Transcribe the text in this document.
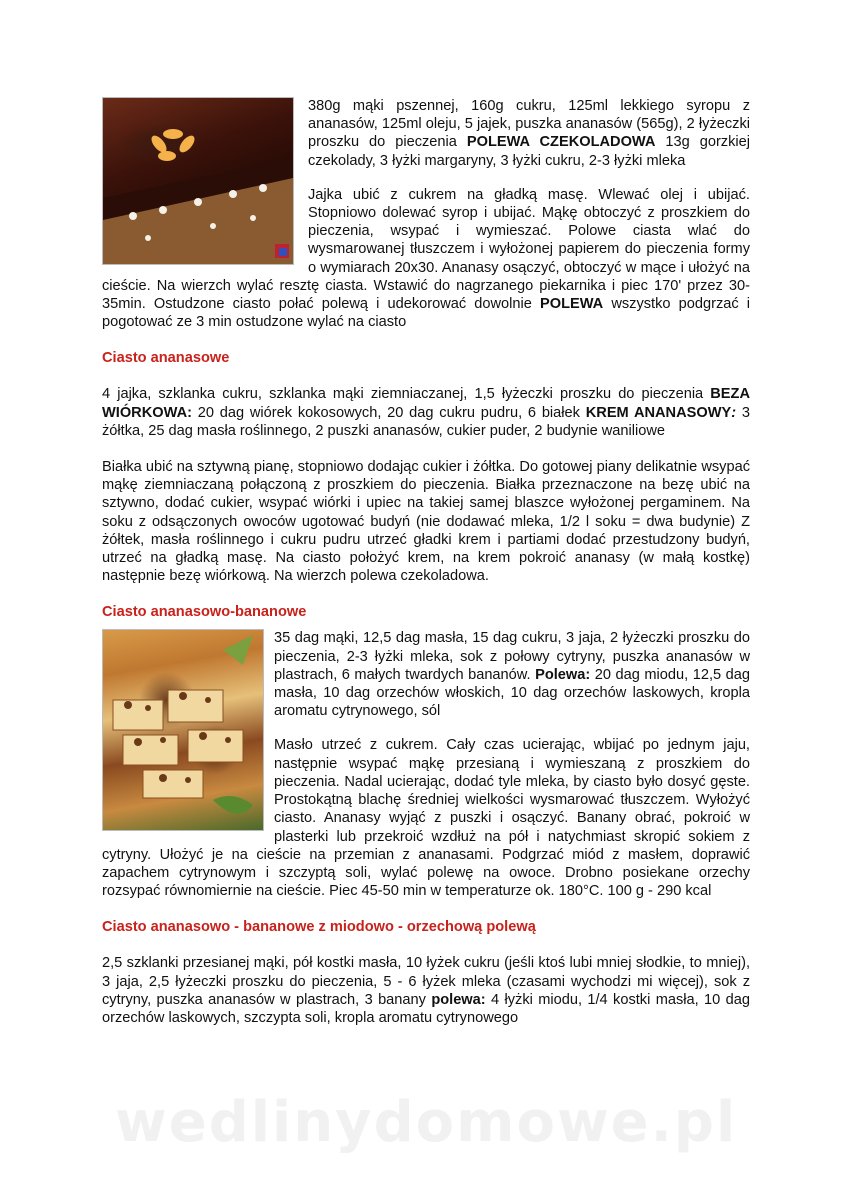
380g mąki pszennej, 160g cukru, 125ml lekkiego syropu z ananasów, 125ml oleju, 5 jajek, puszka ananasów (565g), 2 łyżeczki proszku do pieczenia POLEWA CZEKOLADOWA 13g gorzkiej czekolady, 3 łyżki margaryny, 3 łyżki cukru, 2-3 łyżki mleka

Jajka ubić z cukrem na gładką masę. Wlewać olej i ubijać. Stopniowo dolewać syrop i ubijać. Mąkę obtoczyć z proszkiem do pieczenia, wsypać i wymieszać. Polowe ciasta wlać do wysmarowanej tłuszczem i wyłożonej papierem do pieczenia formy o wymiarach 20x30. Ananasy osączyć, obtoczyć w mące i ułożyć na cieście. Na wierzch wylać resztę ciasta. Wstawić do nagrzanego piekarnika i piec 170' przez 30-35min. Ostudzone ciasto połać polewą i udekorować dowolnie POLEWA wszystko podgrzać i pogotować ze 3 min ostudzone wylać na ciasto

Ciasto ananasowe

4 jajka, szklanka cukru, szklanka mąki ziemniaczanej, 1,5 łyżeczki proszku do pieczenia BEZA WIÓRKOWA: 20 dag wiórek kokosowych, 20 dag cukru pudru, 6 białek KREM ANANASOWY: 3 żółtka, 25 dag masła roślinnego, 2 puszki ananasów, cukier puder, 2 budynie waniliowe

Białka ubić na sztywną pianę, stopniowo dodając cukier i żółtka. Do gotowej piany delikatnie wsypać mąkę ziemniaczaną połączoną z proszkiem do pieczenia. Białka przeznaczone na bezę ubić na sztywno, dodać cukier, wsypać wiórki i upiec na takiej samej blaszce wyłożonej pergaminem. Na soku z odsączonych owoców ugotować budyń (nie dodawać mleka, 1/2 l soku = dwa budynie) Z żółtek, masła roślinnego i cukru pudru utrzeć gładki krem i partiami dodać przestudzony budyń, utrzeć na gładką masę. Na ciasto położyć krem, na krem pokroić ananasy (w małą kostkę) następnie bezę wiórkową. Na wierzch polewa czekoladowa.

Ciasto ananasowo-bananowe

35 dag mąki, 12,5 dag masła, 15 dag cukru, 3 jaja, 2 łyżeczki proszku do pieczenia, 2-3 łyżki mleka, sok z połowy cytryny, puszka ananasów w plastrach, 6 małych twardych bananów. Polewa: 20 dag miodu, 12,5 dag masła, 10 dag orzechów włoskich, 10 dag orzechów laskowych, kropla aromatu cytrynowego, sól

Masło utrzeć z cukrem. Cały czas ucierając, wbijać po jednym jaju, następnie wsypać mąkę przesianą i wymieszaną z proszkiem do pieczenia. Nadal ucierając, dodać tyle mleka, by ciasto było dosyć gęste. Prostokątną blachę średniej wielkości wysmarować tłuszczem. Wyłożyć ciasto. Ananasy wyjąć z puszki i osączyć. Banany obrać, pokroić w plasterki lub przekroić wzdłuż na pół i natychmiast skropić sokiem z cytryny. Ułożyć je na cieście na przemian z ananasami. Podgrzać miód z masłem, doprawić zapachem cytrynowym i szczyptą soli, wylać polewę na owoce. Drobno posiekane orzechy rozsypać równomiernie na cieście. Piec 45-50 min w temperaturze ok. 180°C. 100 g - 290 kcal

Ciasto ananasowo - bananowe z miodowo - orzechową polewą

2,5 szklanki przesianej mąki, pół kostki masła, 10 łyżek cukru (jeśli ktoś lubi mniej słodkie, to mniej), 3 jaja, 2,5 łyżeczki proszku do pieczenia, 5 - 6 łyżek mleka (czasami wychodzi mi więcej), sok z cytryny, puszka ananasów w plastrach, 3 banany polewa: 4 łyżki miodu, 1/4 kostki masła, 10 dag orzechów laskowych, szczypta soli, kropla aromatu cytrynowego

wedlinydomowe.pl
